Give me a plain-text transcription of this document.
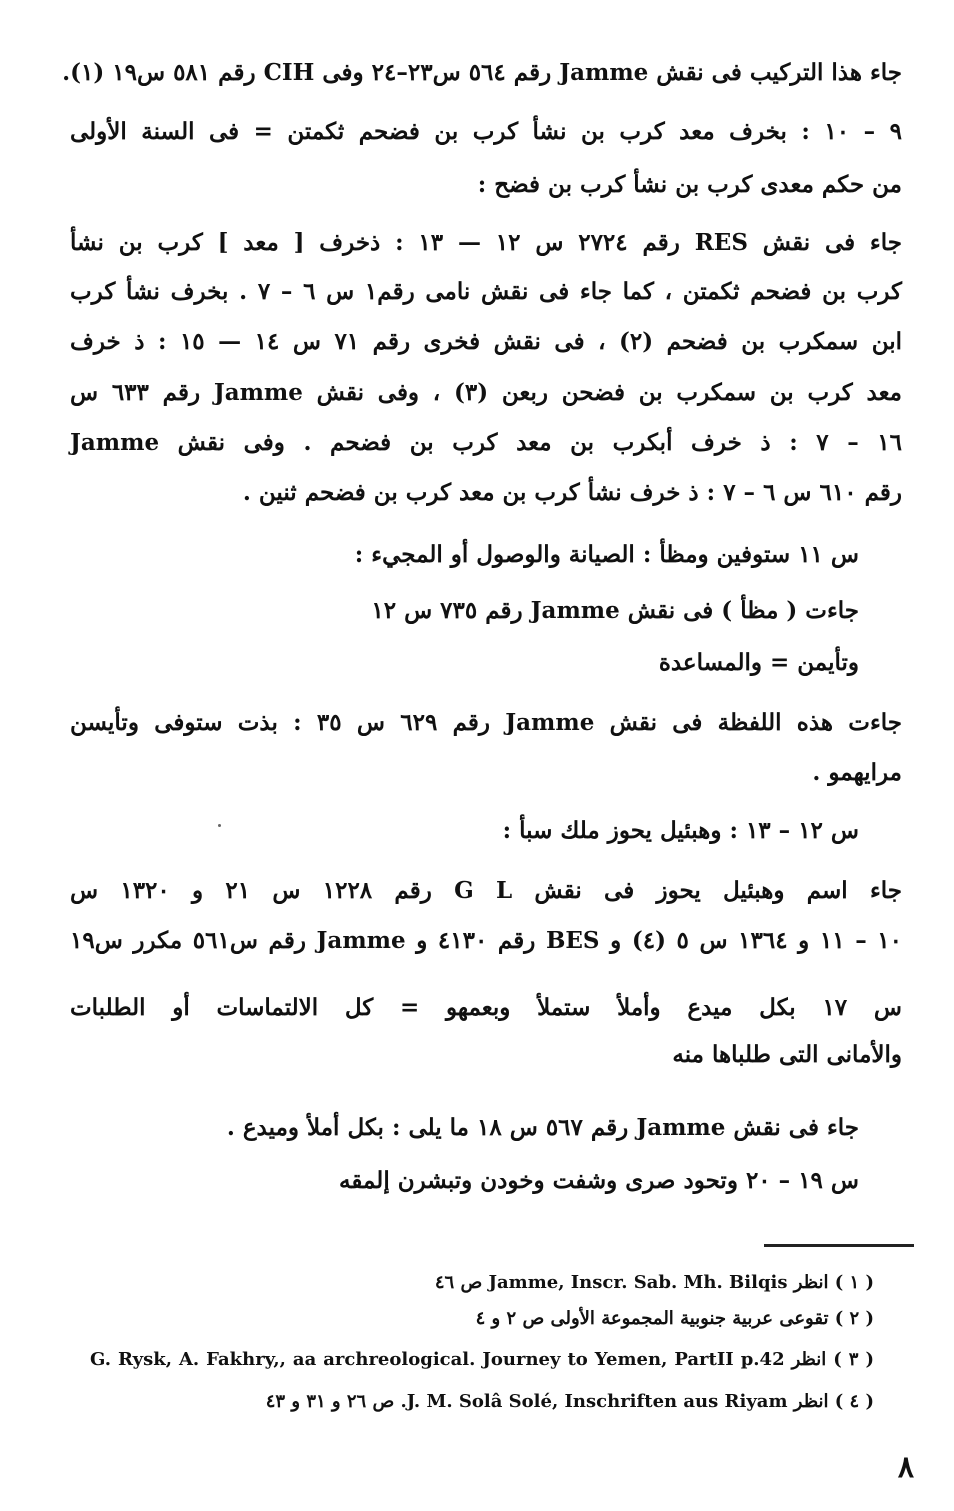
جاء هذا التركيب فى نقش Jamme رقم ٥٦٤ س٢٣–٢٤ وفى CIH رقم ٥٨١ س١٩ (١).
٩ – ١٠ : بخرف معد كرب بن نشأ كرب بن فضحم ثكمتن = فى السنة الأولى
من حكم معدى كرب بن نشأ كرب بن فضح :
جاء فى نقش RES رقم ٢٧٢٤ س ١٢ — ١٣ : ذخرف [ معد ] كرب بن نشأ
كرب بن فضحم ثكمتن ، كما جاء فى نقش نامى رقم١ س ٦ – ٧ . بخرف نشأ كرب
ابن سمكرب بن فضحم (٢) ، فى نقش فخرى رقم ٧١ س ١٤ — ١٥ : ذ خرف
معد كرب بن سمكرب بن فضحن ربعن (٣) ، وفى نقش Jamme رقم ٦٣٣ س
١٦ – ٧ : ذ خرف أبكرب بن معد كرب بن فضحم . وفى نقش Jamme
رقم ٦١٠ س ٦ – ٧ : ذ خرف نشأ كرب بن معد كرب بن فضحم ثنين .
س ١١ ستوفين ومظأ : الصيانة والوصول أو المجيء :
جاءت ( مظأ ) فى نقش Jamme رقم ٧٣٥ س ١٢
وتأيمن = والمساعدة
جاءت هذه اللفظة فى نقش Jamme رقم ٦٢٩ س ٣٥ : بذت ستوفى وتأيسن
مرايهمو .
س ١٢ – ١٣ : وهبئيل يحوز ملك سبأ :
جاء اسم وهبئيل يحوز فى نقش G L رقم ١٢٢٨ س ٢١ و ١٣٢٠ س
١٠ – ١١ و ١٣٦٤ س ٥ (٤) و BES رقم ٤١٣٠ و Jamme رقم س٥٦١ مكرر س١٩
س ١٧ بكل ميدع وأملأ ستملأ وبعمهو = كل الالتماسات أو الطلبات
والأمانى التى طلباها منه
جاء فى نقش Jamme رقم ٥٦٧ س ١٨ ما يلى : بكل أملأ وميدع .
س ١٩ – ٢٠ وتحود صرى وشفت وخودن وتبشرن إلمقه
( ١ ) انظر Jamme, Inscr. Sab. Mh. Bilqis ص ٤٦
( ٢ ) تقوعى عربية جنوبية المجموعة الأولى ص ٢ و ٤
( ٣ ) انظر G. Rysk, A. Fakhry,, aa archreological. Journey to Yemen, PartII p.42
( ٤ ) انظر J. M. Solâ Solé, Inschriften aus Riyam. ص ٢٦ و ٣١ و ٤٣
٨
